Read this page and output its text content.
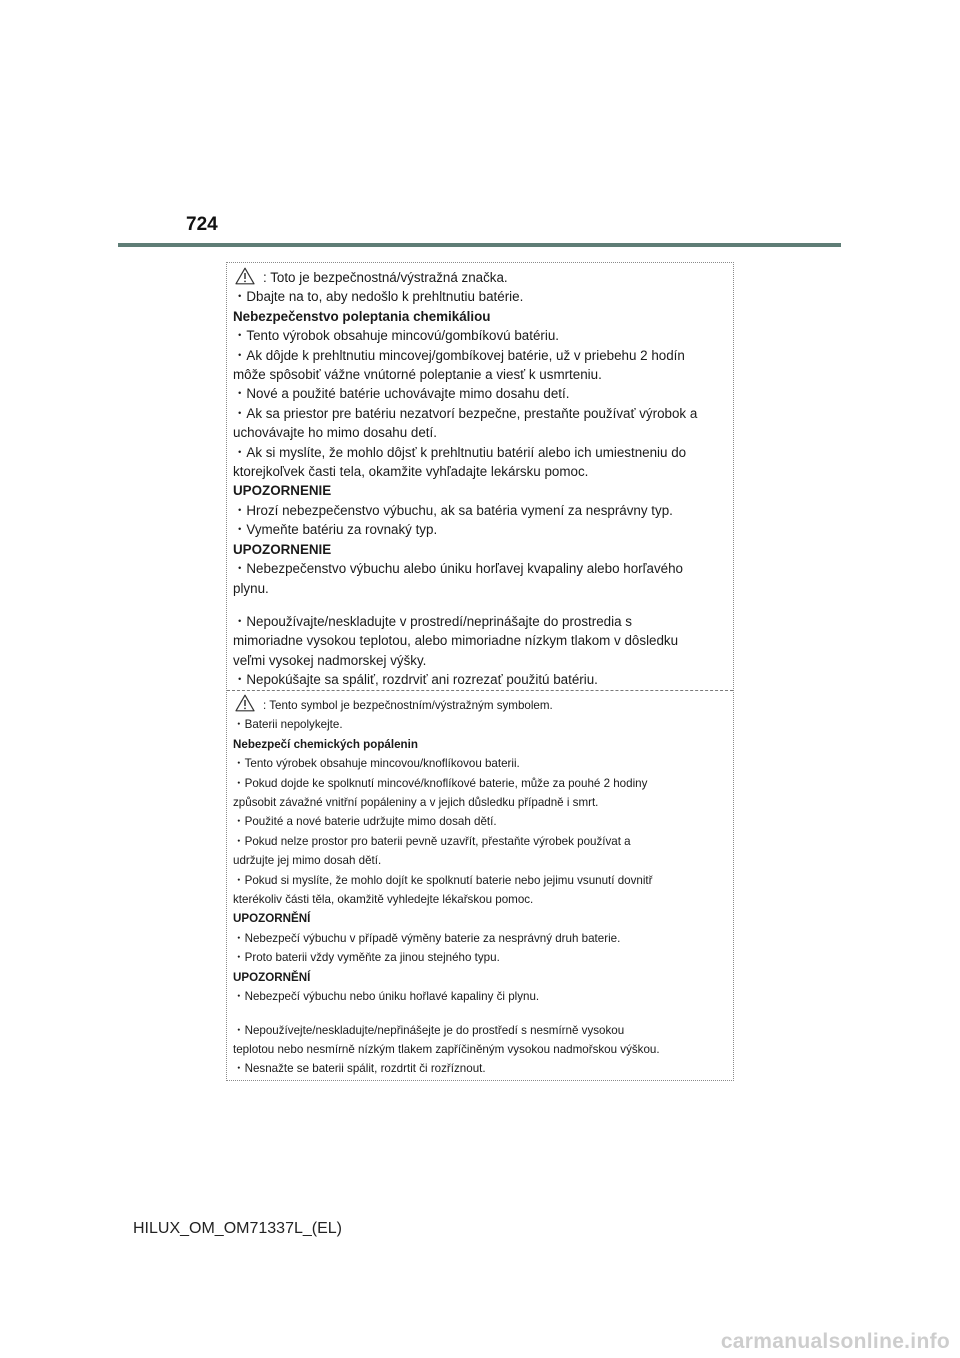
724
: Toto je bezpečnostná/výstražná značka.
・Dbajte na to, aby nedošlo k prehltnutiu batérie.
Nebezpečenstvo poleptania chemikáliou
・Tento výrobok obsahuje mincovú/gombíkovú batériu.
・Ak dôjde k prehltnutiu mincovej/gombíkovej batérie, už v priebehu 2 hodín
môže spôsobiť vážne vnútorné poleptanie a viesť k usmrteniu.
・Nové a použité batérie uchovávajte mimo dosahu detí.
・Ak sa priestor pre batériu nezatvorí bezpečne, prestaňte používať výrobok a
uchovávajte ho mimo dosahu detí.
・Ak si myslíte, že mohlo dôjsť k prehltnutiu batérií alebo ich umiestneniu do
ktorejkoľvek časti tela, okamžite vyhľadajte lekársku pomoc.
UPOZORNENIE
・Hrozí nebezpečenstvo výbuchu, ak sa batéria vymení za nesprávny typ.
・Vymeňte batériu za rovnaký typ.
UPOZORNENIE
・Nebezpečenstvo výbuchu alebo úniku horľavej kvapaliny alebo horľavého
plynu.
・Nepoužívajte/neskladujte v prostredí/neprinášajte do prostredia s
mimoriadne vysokou teplotou, alebo mimoriadne nízkym tlakom v dôsledku
veľmi vysokej nadmorskej výšky.
・Nepokúšajte sa spáliť, rozdrviť ani rozrezať použitú batériu.
: Tento symbol je bezpečnostním/výstražným symbolem.
・Baterii nepolykejte.
Nebezpečí chemických popálenin
・Tento výrobek obsahuje mincovou/knoflíkovou baterii.
・Pokud dojde ke spolknutí mincové/knoflíkové baterie, může za pouhé 2 hodiny
způsobit závažné vnitřní popáleniny a v jejich důsledku případně i smrt.
・Použité a nové baterie udržujte mimo dosah dětí.
・Pokud nelze prostor pro baterii pevně uzavřít, přestaňte výrobek používat a
udržujte jej mimo dosah dětí.
・Pokud si myslíte, že mohlo dojít ke spolknutí baterie nebo jejimu vsunutí dovnitř
kterékoliv části těla, okamžitě vyhledejte lékařskou pomoc.
UPOZORNĚNÍ
・Nebezpečí výbuchu v případě výměny baterie za nesprávný druh baterie.
・Proto baterii vždy vyměňte za jinou stejného typu.
UPOZORNĚNÍ
・Nebezpečí výbuchu nebo úniku hořlavé kapaliny či plynu.
・Nepoužívejte/neskladujte/nepřinášejte je do prostředí s nesmírně vysokou
teplotou nebo nesmírně nízkým tlakem zapříčiněným vysokou nadmořskou výškou.
・Nesnažte se baterii spálit, rozdrtit či rozříznout.
HILUX_OM_OM71337L_(EL)
carmanualsonline.info
